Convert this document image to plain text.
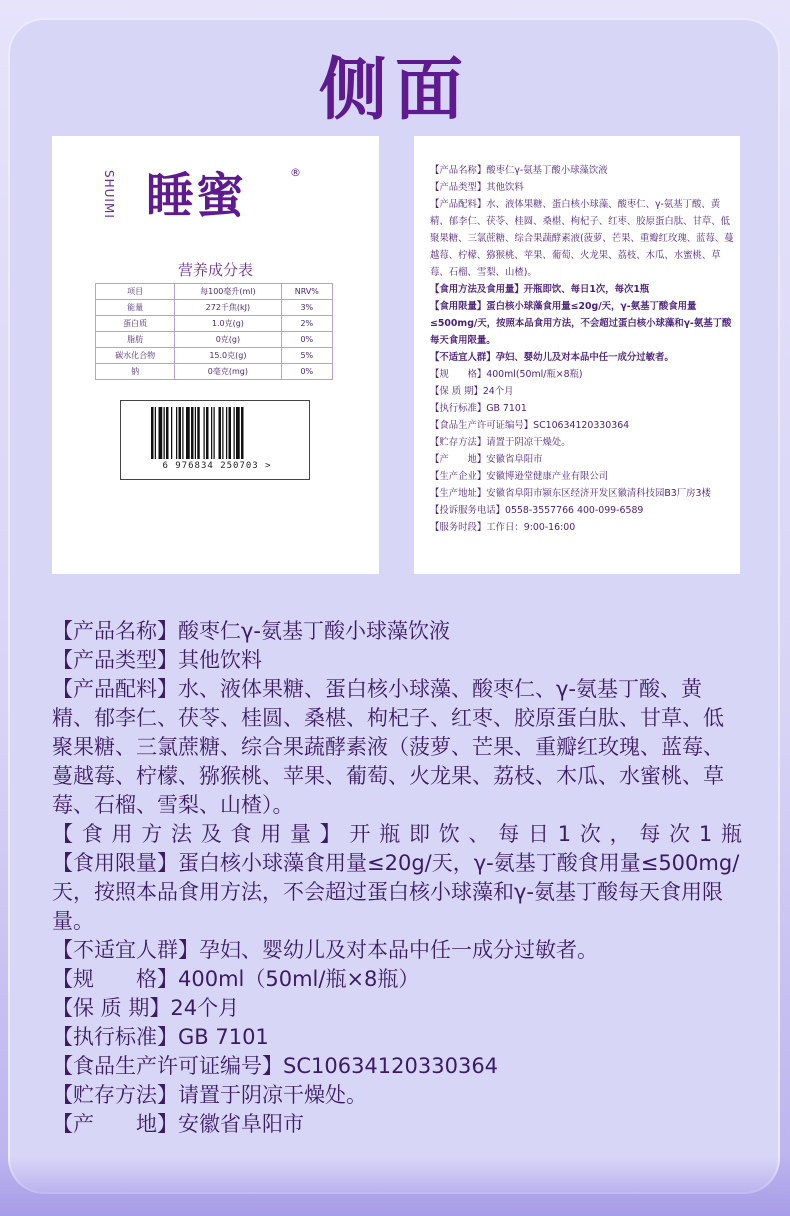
侧面
SHUIMI 睡蜜	®
营养成分表
项目	每100毫升(ml)	NRV%
能量	272千焦(kJ)	3%
蛋白质	1.0克(g)	2%
脂肪	0克(g)	0%
碳水化合物	15.0克(g)	5%
钠	0毫克(mg)	0%
6 976834 250703 >

【产品名称】酸枣仁γ-氨基丁酸小球藻饮液

【产品类型】其他饮料

【产品配料】水、液体果糖、蛋白核小球藻、酸枣仁、γ-氨基丁酸、黄精、郁李仁、茯苓、桂圆、桑椹、枸杞子、红枣、胶原蛋白肽、甘草、低聚果糖、三氯蔗糖、综合果蔬酵素液(菠萝、芒果、重瓣红玫瑰、蓝莓、蔓越莓、柠檬、猕猴桃、苹果、葡萄、火龙果、荔枝、木瓜、水蜜桃、草莓、石榴、雪梨、山楂)。

【食用方法及食用量】开瓶即饮、每日1次，每次1瓶

【食用限量】蛋白核小球藻食用量≤20g/天，γ-氨基丁酸食用量≤500mg/天，按照本品食用方法，不会超过蛋白核小球藻和γ-氨基丁酸每天食用限量。

【不适宜人群】孕妇、婴幼儿及对本品中任一成分过敏者。

【规　　格】400ml(50ml/瓶×8瓶)

【保 质 期】24个月

【执行标准】GB 7101

【食品生产许可证编号】SC10634120330364

【贮存方法】请置于阴凉干燥处。

【产　　地】安徽省阜阳市

【生产企业】安徽博逊堂健康产业有限公司

【生产地址】安徽省阜阳市颍东区经济开发区徽清科技园B3厂房3楼

【投诉服务电话】0558-3557766 400-099-6589

【服务时段】工作日：9:00-16:00

【产品名称】酸枣仁γ-氨基丁酸小球藻饮液

【产品类型】其他饮料

【产品配料】水、液体果糖、蛋白核小球藻、酸枣仁、γ-氨基丁酸、黄精、郁李仁、茯苓、桂圆、桑椹、枸杞子、红枣、胶原蛋白肽、甘草、低聚果糖、三氯蔗糖、综合果蔬酵素液（菠萝、芒果、重瓣红玫瑰、蓝莓、蔓越莓、柠檬、猕猴桃、苹果、葡萄、火龙果、荔枝、木瓜、水蜜桃、草莓、石榴、雪梨、山楂）。

【食用方法及食用量】开瓶即饮、每日1次，每次1瓶

【食用限量】蛋白核小球藻食用量≤20g/天，γ-氨基丁酸食用量≤500mg/天，按照本品食用方法，不会超过蛋白核小球藻和γ-氨基丁酸每天食用限量。

【不适宜人群】孕妇、婴幼儿及对本品中任一成分过敏者。

【规　　格】400ml（50ml/瓶×8瓶）

【保 质 期】24个月

【执行标准】GB 7101

【食品生产许可证编号】SC10634120330364

【贮存方法】请置于阴凉干燥处。

【产　　地】安徽省阜阳市
